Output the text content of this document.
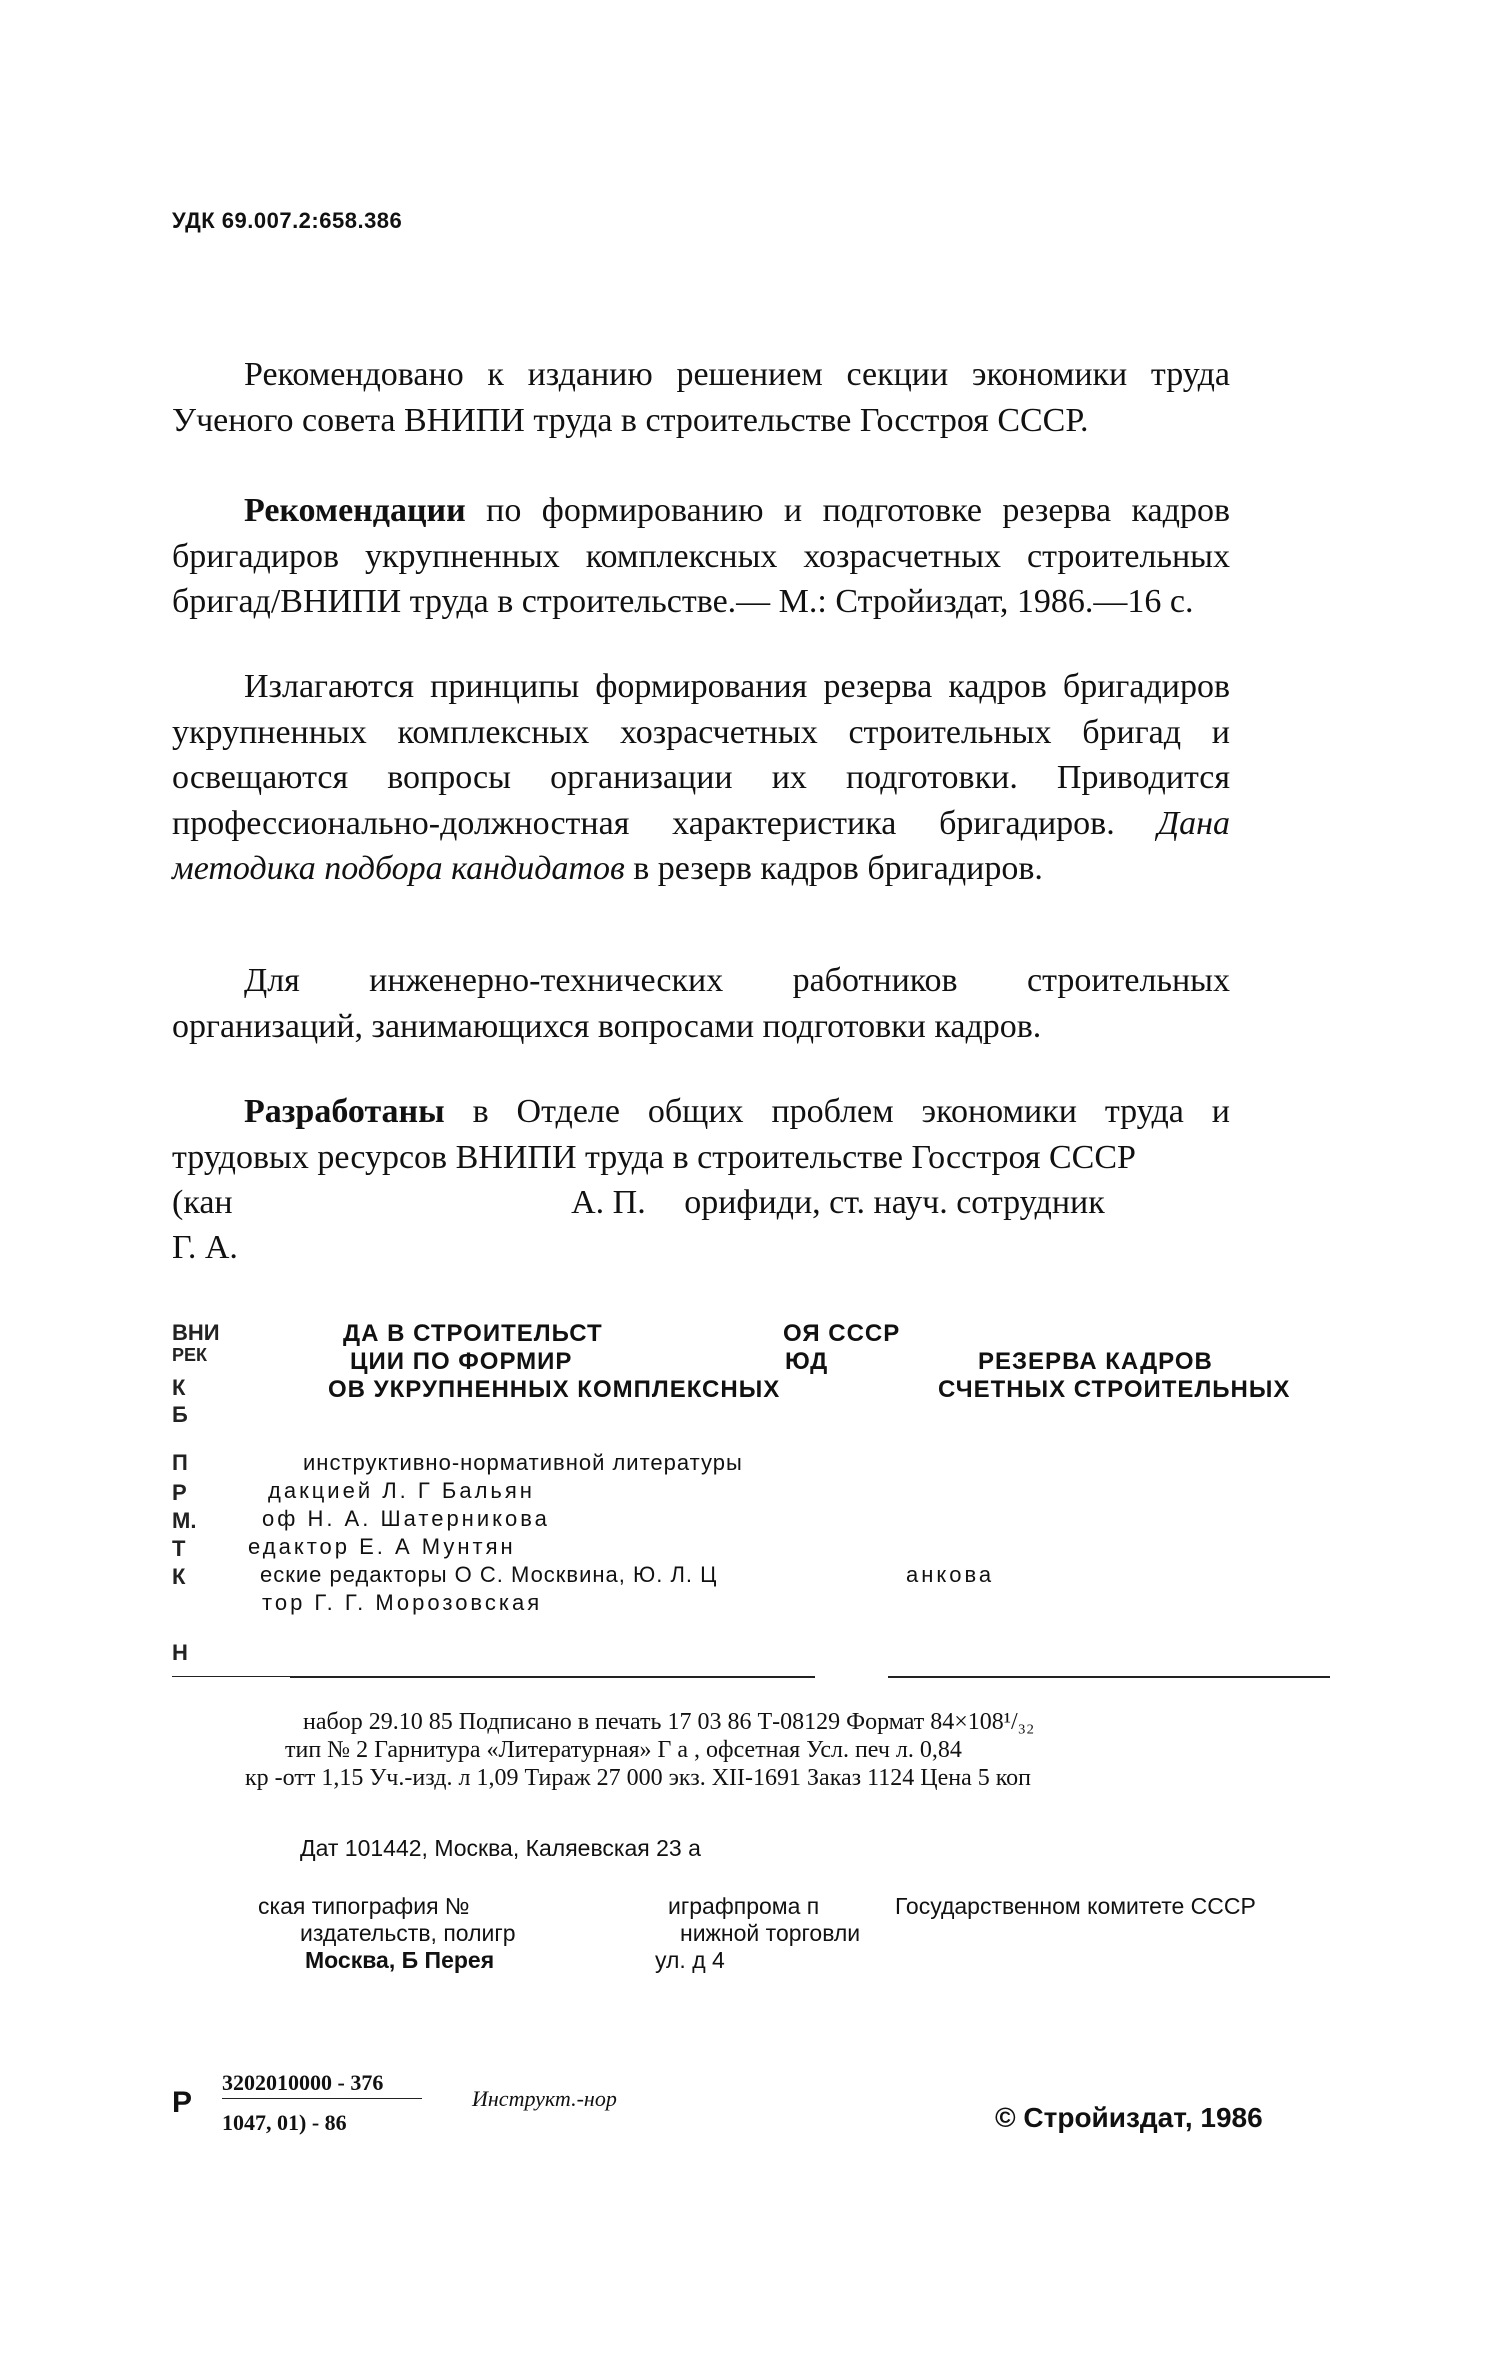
УДК 69.007.2:658.386
Рекомендовано к изданию решением секции экономики труда Ученого совета ВНИПИ труда в строительстве Госстроя СССР.
Рекомендации по формированию и подготовке резерва кадров бригадиров укрупненных комплексных хозрасчетных строительных бригад/ВНИПИ труда в строительстве.— М.: Стройиздат, 1986.—16 с.
Излагаются принципы формирования резерва кадров бригадиров укрупненных комплексных хозрасчетных строительных бригад и освещаются вопросы организации их подготовки. Приводится профессионально-должностная характеристика бригадиров. Дана методика подбора кандидатов в резерв кадров бригадиров.
Для инженерно-технических работников строительных организаций, занимающихся вопросами подготовки кадров.
Разработаны в Отделе общих проблем экономики труда и трудовых ресурсов ВНИПИ труда в строительстве Госстроя СССР
(кан	А. П. орифиди, ст. науч. сотрудник
Г. А.
ВНИ
РЕК
К
Б
П
Р
М.
Т
К
Н
ДА В СТРОИТЕЛЬСТ
ЦИИ ПО ФОРМИР
ОВ УКРУПНЕННЫХ КОМПЛЕКСНЫХ
ОЯ СССР
ЮД	РЕЗЕРВА КАДРОВ
СЧЕТНЫХ СТРОИТЕЛЬНЫХ
инструктивно-нормативной литературы
дакцией Л. Г Бальян
оф Н. А. Шатерникова
едактор Е. А Мунтян
еские редакторы О С. Москвина, Ю. Л. Ц	анкова
тор Г. Г. Морозовская
набор 29.10 85 Подписано в печать 17 03 86 Т-08129 Формат 84×108¹/₃₂
тип № 2 Гарнитура «Литературная» Г а , офсетная Усл. печ л. 0,84
кр -отт 1,15 Уч.-изд. л 1,09 Тираж 27 000 экз. XII-1691 Заказ 1124 Цена 5 коп
Дат 101442, Москва, Каляевская 23 а
ская типография №
издательств, полигр
Москва, Б Перея
играфпрома п
нижной торговли
ул. д 4
Государственном комитете СССР
Р
3202010000 - 376
1047, 01) - 86
Инструкт.-нор
© Стройиздат, 1986
